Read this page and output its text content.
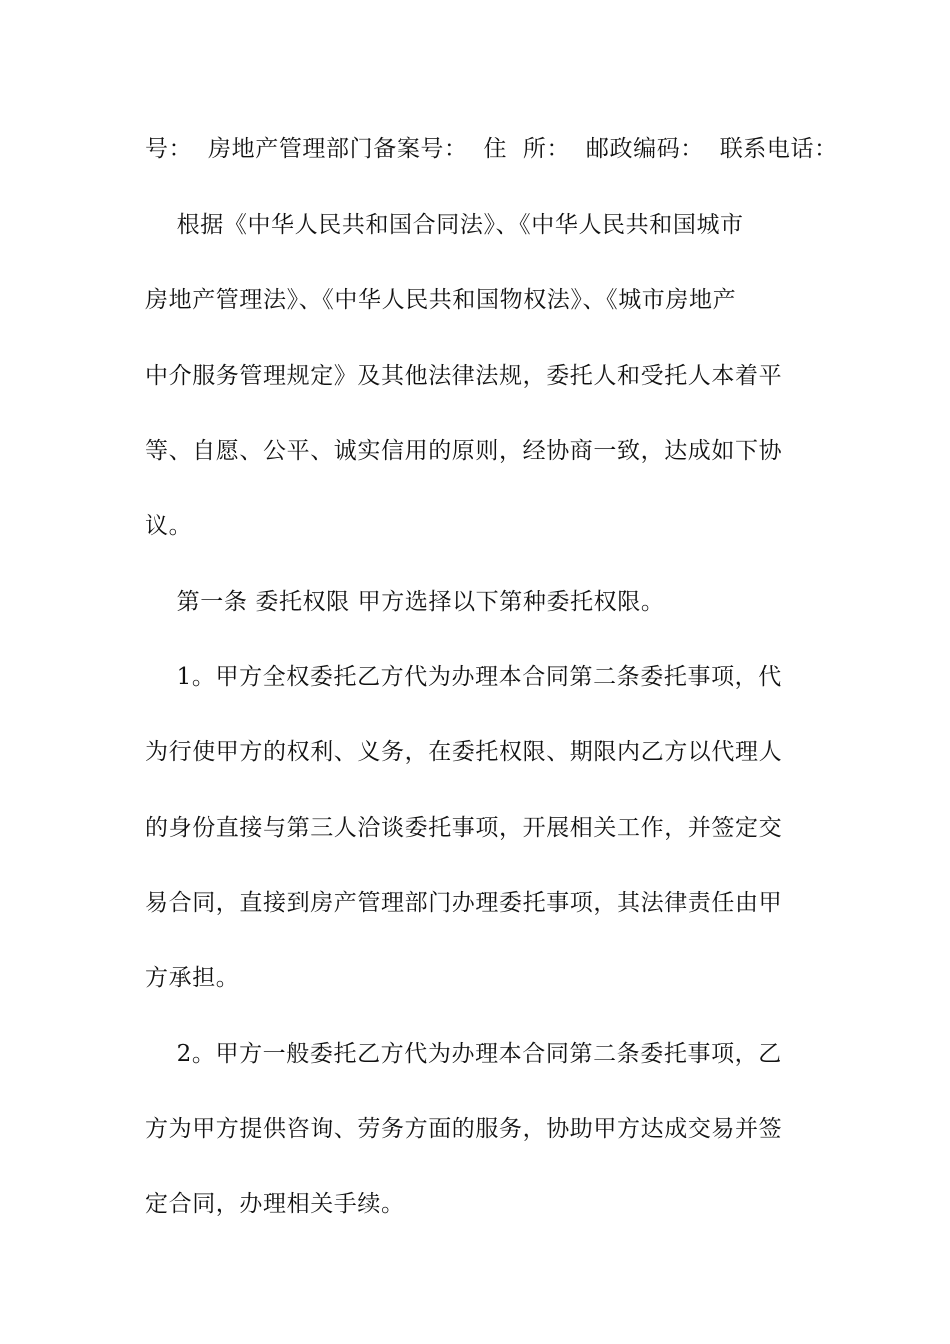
号：  房地产管理部门备案号：  住  所：  邮政编码：  联系电话：

根据《中华人民共和国合同法》、《中华人民共和国城市

房地产管理法》、《中华人民共和国物权法》、《城市房地产

中介服务管理规定》及其他法律法规，委托人和受托人本着平

等、自愿、公平、诚实信用的原则，经协商一致，达成如下协

议。

第一条 委托权限 甲方选择以下第种委托权限。

1。甲方全权委托乙方代为办理本合同第二条委托事项，代

为行使甲方的权利、义务，在委托权限、期限内乙方以代理人

的身份直接与第三人洽谈委托事项，开展相关工作，并签定交

易合同，直接到房产管理部门办理委托事项，其法律责任由甲

方承担。

2。甲方一般委托乙方代为办理本合同第二条委托事项，乙

方为甲方提供咨询、劳务方面的服务，协助甲方达成交易并签

定合同，办理相关手续。
